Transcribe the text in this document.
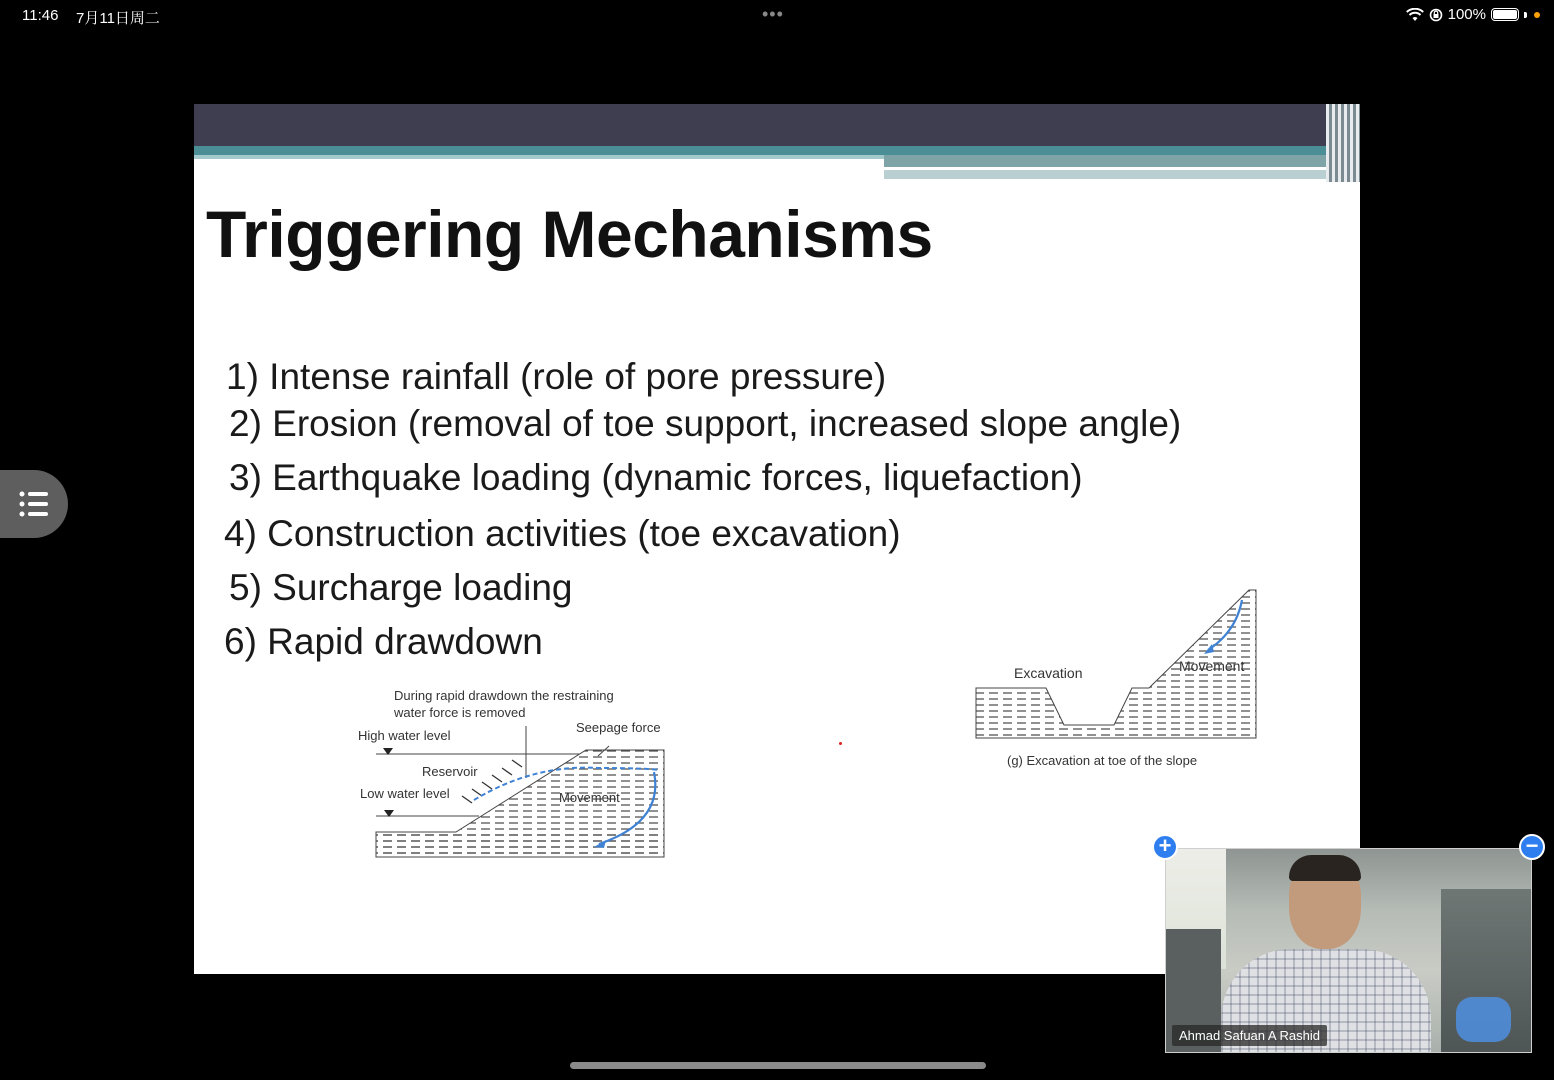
11:46 7月11日周二	•••	100%
Triggering Mechanisms
1) Intense rainfall (role of pore pressure)
2) Erosion (removal of toe support, increased slope angle)
3) Earthquake loading (dynamic forces, liquefaction)
4) Construction activities (toe excavation)
5) Surcharge loading
6) Rapid drawdown
During rapid drawdown the restraining
water force is removed
Seepage force
High water level
Reservoir
Low water level	Movement
Excavation	Movement
(g) Excavation at toe of the slope
Ahmad Safuan A Rashid
+	−
